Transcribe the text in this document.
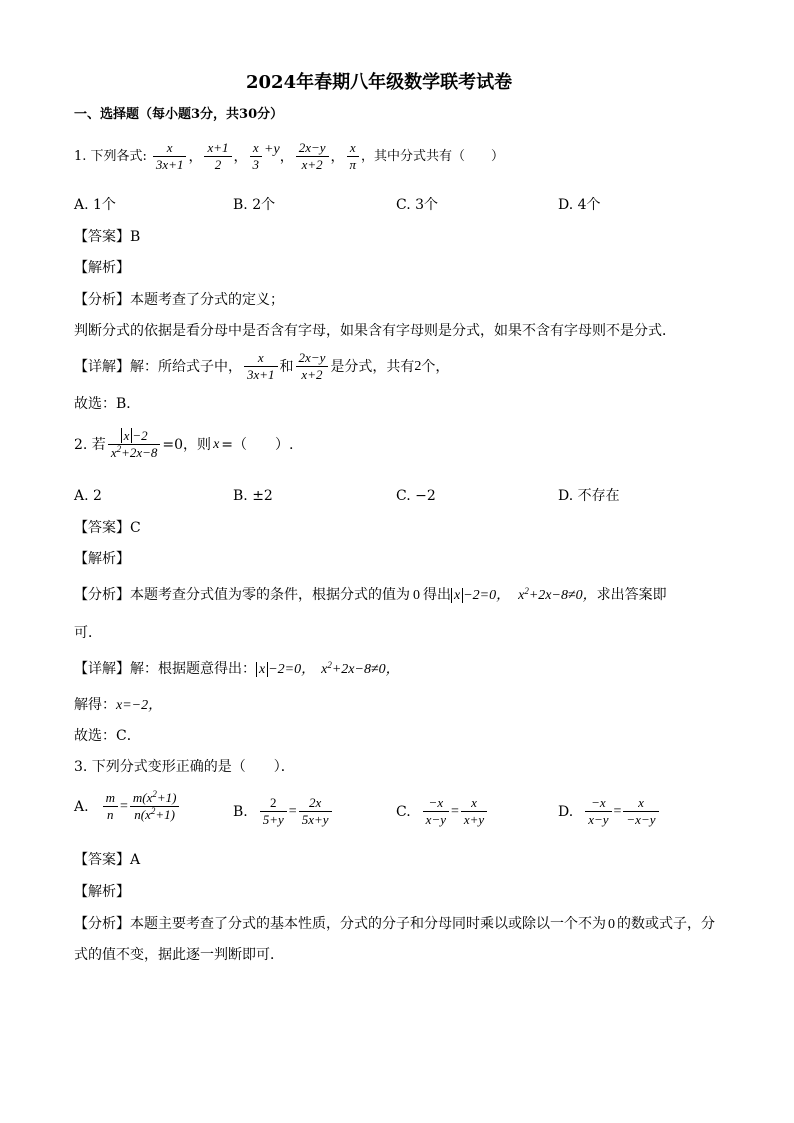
2024年春期八年级数学联考试卷
一、选择题（每小题3分，共30分）
1. 下列各式: $\frac{x}{3x+1}$ ， $\frac{x+1}{2}$ ， $\frac{x}{3} +y$ ， $\frac{2x-y}{x+2}$ ， $\frac{x}{\pi}$ ，其中分式共有（　　）
A. 1个	B. 2个	C. 3个	D. 4个
【答案】B
【解析】
【分析】本题考查了分式的定义；
判断分式的依据是看分母中是否含有字母，如果含有字母则是分式，如果不含有字母则不是分式．
【详解】 解：所给式子中， $\frac{x}{3x+1}$ 和 $\frac{2x-y}{x+2}$ 是分式，共有 2 个，
故选：B．
2. 若 $\frac{x -2}{x^2+2x-8} =0$，则 x =（　　）.
A. 2	B. ±2	C. −2	D. 不存在
【答案】C
【解析】
【分析】本题考查分式值为零的条件，根据分式的值为 0 得出 x −2=0， $x^2+2x-8\ne 0$，求出答案即
可．
【详解】解：根据题意得出： x −2=0， $x^2+2x-8\ne 0$，
解得：x=−2，
故选：C．
3. 下列分式变形正确的是（　　）．
A. $\frac{m}{n} = \frac{m(x^2+1)}{n(x^2+1)}$	B. $\frac{2}{5+y} = \frac{2x}{5x+y}$	C. $\frac{-x}{x-y} = \frac{x}{x+y}$	D. $\frac{-x}{x-y} = \frac{x}{-x-y}$
【答案】A
【解析】
【分析】本题主要考查了分式的基本性质，分式的分子和分母同时乘以或除以一个不为 0 的数或式子，分
式的值不变，据此逐一判断即可．
